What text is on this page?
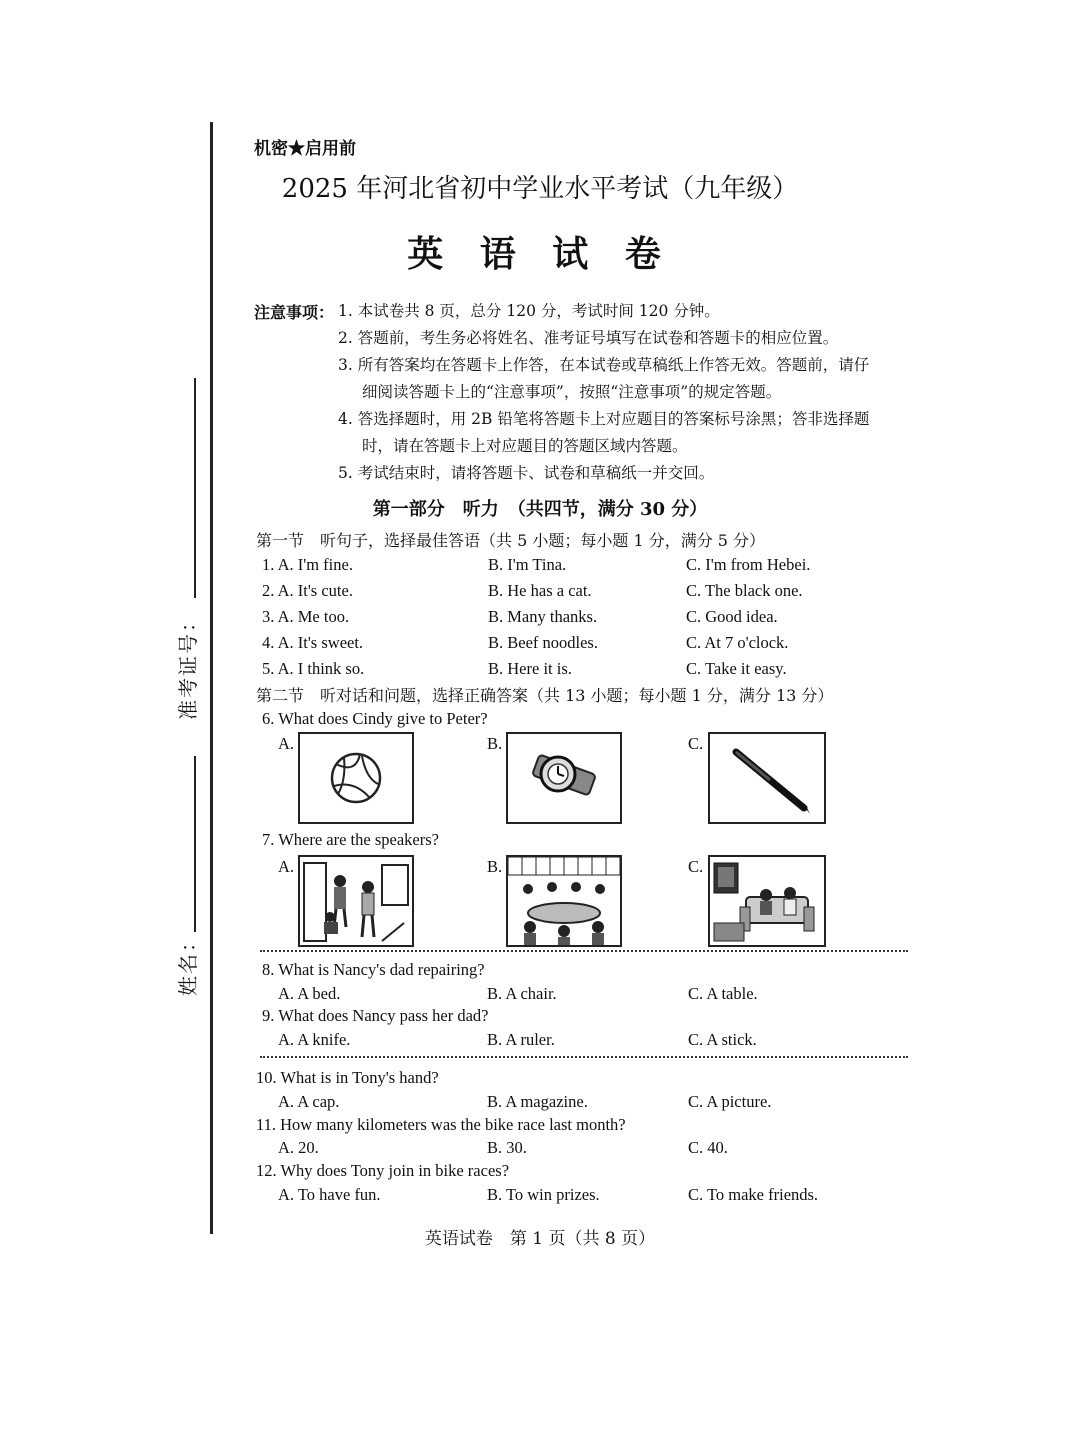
准考证号：
姓名：
机密★启用前
2025 年河北省初中学业水平考试（九年级）
英 语 试 卷
注意事项： 1. 本试卷共 8 页，总分 120 分，考试时间 120 分钟。
2. 答题前，考生务必将姓名、准考证号填写在试卷和答题卡的相应位置。
3. 所有答案均在答题卡上作答，在本试卷或草稿纸上作答无效。答题前，请仔
细阅读答题卡上的“注意事项”，按照“注意事项”的规定答题。
4. 答选择题时，用 2B 铅笔将答题卡上对应题目的答案标号涂黑；答非选择题
时，请在答题卡上对应题目的答题区域内答题。
5. 考试结束时，请将答题卡、试卷和草稿纸一并交回。
第一部分　听力　（共四节，满分 30 分）
第一节　听句子，选择最佳答语（共 5 小题；每小题 1 分，满分 5 分）
1. A. I'm fine.	B. I'm Tina.	C. I'm from Hebei.
2. A. It's cute.	B. He has a cat.	C. The black one.
3. A. Me too.	B. Many thanks.	C. Good idea.
4. A. It's sweet.	B. Beef noodles.	C. At 7 o'clock.
5. A. I think so.	B. Here it is.	C. Take it easy.
第二节　听对话和问题，选择正确答案（共 13 小题；每小题 1 分，满分 13 分）
6. What does Cindy give to Peter?
A.	B.	C.
7. Where are the speakers?
A.	B.	C.
8. What is Nancy's dad repairing?
A. A bed.	B. A chair.	C. A table.
9. What does Nancy pass her dad?
A. A knife.	B. A ruler.	C. A stick.
10. What is in Tony's hand?
A. A cap.	B. A magazine.	C. A picture.
11. How many kilometers was the bike race last month?
A. 20.	B. 30.	C. 40.
12. Why does Tony join in bike races?
A. To have fun.	B. To win prizes.	C. To make friends.
英语试卷　第 1 页（共 8 页）
